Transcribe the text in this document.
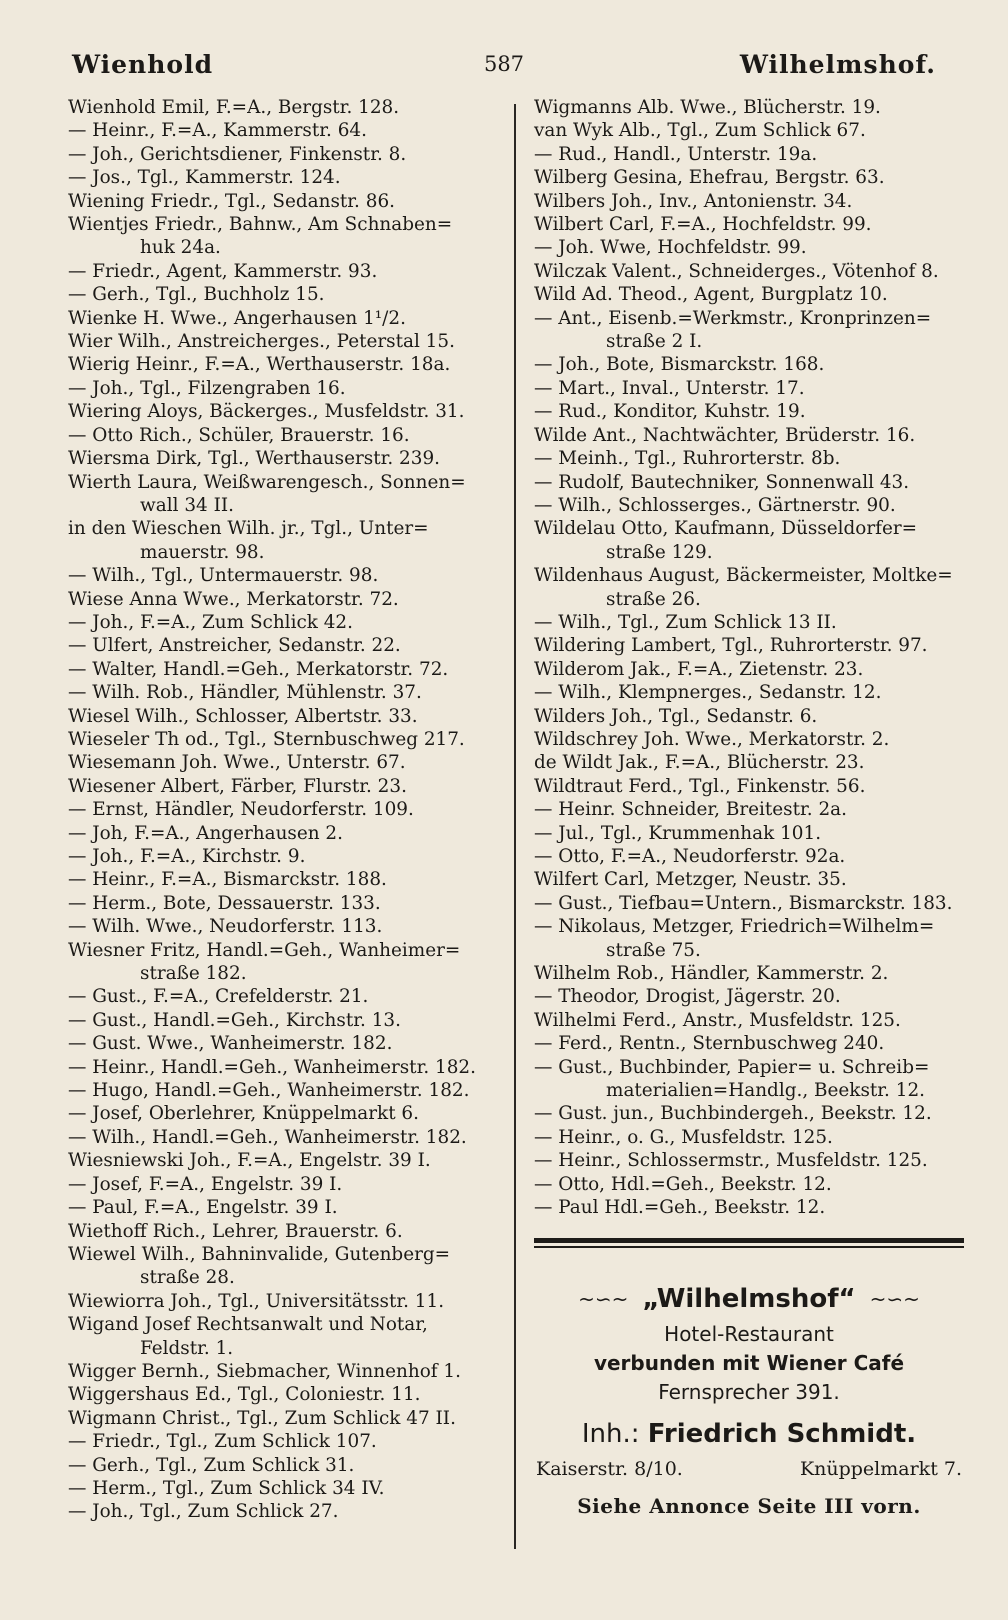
Wienhold	587	Wilhelmshof.
Wienhold Emil, F.=A., Bergstr. 128.
— Heinr., F.=A., Kammerstr. 64.
— Joh., Gerichtsdiener, Finkenstr. 8.
— Jos., Tgl., Kammerstr. 124.
Wiening Friedr., Tgl., Sedanstr. 86.
Wientjes Friedr., Bahnw., Am Schnaben=
huk 24a.
— Friedr., Agent, Kammerstr. 93.
— Gerh., Tgl., Buchholz 15.
Wienke H. Wwe., Angerhausen 1¹/2.
Wier Wilh., Anstreicherges., Peterstal 15.
Wierig Heinr., F.=A., Werthauserstr. 18a.
— Joh., Tgl., Filzengraben 16.
Wiering Aloys, Bäckerges., Musfeldstr. 31.
— Otto Rich., Schüler, Brauerstr. 16.
Wiersma Dirk, Tgl., Werthauserstr. 239.
Wierth Laura, Weißwarengesch., Sonnen=
wall 34 II.
in den Wieschen Wilh. jr., Tgl., Unter=
mauerstr. 98.
— Wilh., Tgl., Untermauerstr. 98.
Wiese Anna Wwe., Merkatorstr. 72.
— Joh., F.=A., Zum Schlick 42.
— Ulfert, Anstreicher, Sedanstr. 22.
— Walter, Handl.=Geh., Merkatorstr. 72.
— Wilh. Rob., Händler, Mühlenstr. 37.
Wiesel Wilh., Schlosser, Albertstr. 33.
Wieseler Th od., Tgl., Sternbuschweg 217.
Wiesemann Joh. Wwe., Unterstr. 67.
Wiesener Albert, Färber, Flurstr. 23.
— Ernst, Händler, Neudorferstr. 109.
— Joh, F.=A., Angerhausen 2.
— Joh., F.=A., Kirchstr. 9.
— Heinr., F.=A., Bismarckstr. 188.
— Herm., Bote, Dessauerstr. 133.
— Wilh. Wwe., Neudorferstr. 113.
Wiesner Fritz, Handl.=Geh., Wanheimer=
straße 182.
— Gust., F.=A., Crefelderstr. 21.
— Gust., Handl.=Geh., Kirchstr. 13.
— Gust. Wwe., Wanheimerstr. 182.
— Heinr., Handl.=Geh., Wanheimerstr. 182.
— Hugo, Handl.=Geh., Wanheimerstr. 182.
— Josef, Oberlehrer, Knüppelmarkt 6.
— Wilh., Handl.=Geh., Wanheimerstr. 182.
Wiesniewski Joh., F.=A., Engelstr. 39 I.
— Josef, F.=A., Engelstr. 39 I.
— Paul, F.=A., Engelstr. 39 I.
Wiethoff Rich., Lehrer, Brauerstr. 6.
Wiewel Wilh., Bahninvalide, Gutenberg=
straße 28.
Wiewiorra Joh., Tgl., Universitätsstr. 11.
Wigand Josef Rechtsanwalt und Notar,
Feldstr. 1.
Wigger Bernh., Siebmacher, Winnenhof 1.
Wiggershaus Ed., Tgl., Coloniestr. 11.
Wigmann Christ., Tgl., Zum Schlick 47 II.
— Friedr., Tgl., Zum Schlick 107.
— Gerh., Tgl., Zum Schlick 31.
— Herm., Tgl., Zum Schlick 34 IV.
— Joh., Tgl., Zum Schlick 27.
Wigmanns Alb. Wwe., Blücherstr. 19.
van Wyk Alb., Tgl., Zum Schlick 67.
— Rud., Handl., Unterstr. 19a.
Wilberg Gesina, Ehefrau, Bergstr. 63.
Wilbers Joh., Inv., Antonienstr. 34.
Wilbert Carl, F.=A., Hochfeldstr. 99.
— Joh. Wwe, Hochfeldstr. 99.
Wilczak Valent., Schneiderges., Vötenhof 8.
Wild Ad. Theod., Agent, Burgplatz 10.
— Ant., Eisenb.=Werkmstr., Kronprinzen=
straße 2 I.
— Joh., Bote, Bismarckstr. 168.
— Mart., Inval., Unterstr. 17.
— Rud., Konditor, Kuhstr. 19.
Wilde Ant., Nachtwächter, Brüderstr. 16.
— Meinh., Tgl., Ruhrorterstr. 8b.
— Rudolf, Bautechniker, Sonnenwall 43.
— Wilh., Schlosserges., Gärtnerstr. 90.
Wildelau Otto, Kaufmann, Düsseldorfer=
straße 129.
Wildenhaus August, Bäckermeister, Moltke=
straße 26.
— Wilh., Tgl., Zum Schlick 13 II.
Wildering Lambert, Tgl., Ruhrorterstr. 97.
Wilderom Jak., F.=A., Zietenstr. 23.
— Wilh., Klempnerges., Sedanstr. 12.
Wilders Joh., Tgl., Sedanstr. 6.
Wildschrey Joh. Wwe., Merkatorstr. 2.
de Wildt Jak., F.=A., Blücherstr. 23.
Wildtraut Ferd., Tgl., Finkenstr. 56.
— Heinr. Schneider, Breitestr. 2a.
— Jul., Tgl., Krummenhak 101.
— Otto, F.=A., Neudorferstr. 92a.
Wilfert Carl, Metzger, Neustr. 35.
— Gust., Tiefbau=Untern., Bismarckstr. 183.
— Nikolaus, Metzger, Friedrich=Wilhelm=
straße 75.
Wilhelm Rob., Händler, Kammerstr. 2.
— Theodor, Drogist, Jägerstr. 20.
Wilhelmi Ferd., Anstr., Musfeldstr. 125.
— Ferd., Rentn., Sternbuschweg 240.
— Gust., Buchbinder, Papier= u. Schreib=
materialien=Handlg., Beekstr. 12.
— Gust. jun., Buchbindergeh., Beekstr. 12.
— Heinr., o. G., Musfeldstr. 125.
— Heinr., Schlossermstr., Musfeldstr. 125.
— Otto, Hdl.=Geh., Beekstr. 12.
— Paul Hdl.=Geh., Beekstr. 12.
~∽~ „Wilhelmshof“ ~∽~
Hotel-Restaurant
verbunden mit Wiener Café
Fernsprecher 391.
Inh.: Friedrich Schmidt.
Kaiserstr. 8/10.	Knüppelmarkt 7.
Siehe Annonce Seite III vorn.
